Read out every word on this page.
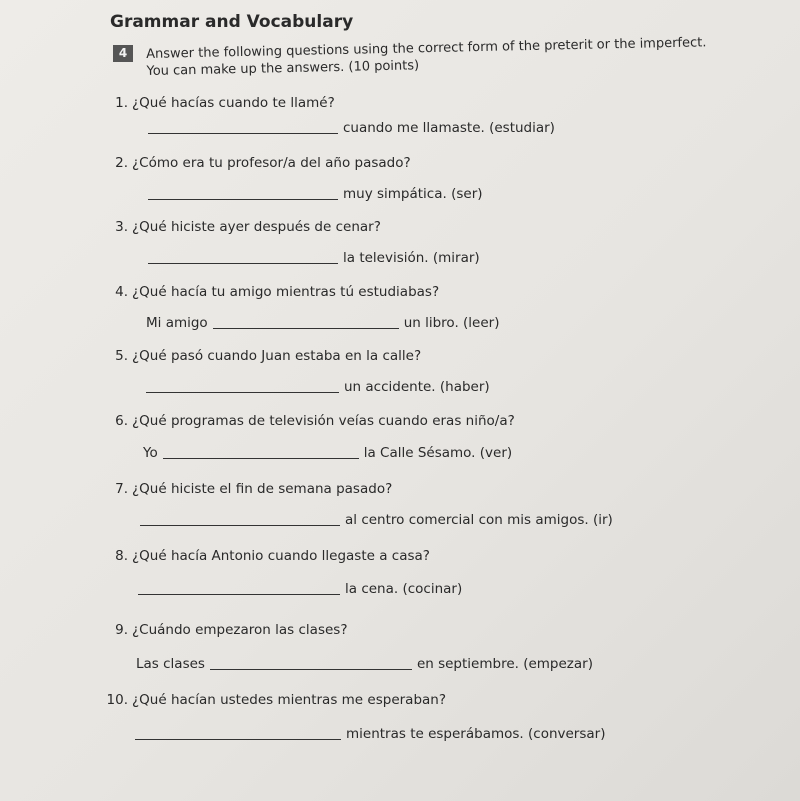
Grammar and Vocabulary
4	Answer the following questions using the correct form of the preterit or the imperfect.
You can make up the answers. (10 points)
1. ¿Qué hacías cuando te llamé?
cuando me llamaste. (estudiar)
2. ¿Cómo era tu profesor/a del año pasado?
muy simpática. (ser)
3. ¿Qué hiciste ayer después de cenar?
la televisión. (mirar)
4. ¿Qué hacía tu amigo mientras tú estudiabas?
Mi amigo	un libro. (leer)
5. ¿Qué pasó cuando Juan estaba en la calle?
un accidente. (haber)
6. ¿Qué programas de televisión veías cuando eras niño/a?
Yo	la Calle Sésamo. (ver)
7. ¿Qué hiciste el fin de semana pasado?
al centro comercial con mis amigos. (ir)
8. ¿Qué hacía Antonio cuando llegaste a casa?
la cena. (cocinar)
9. ¿Cuándo empezaron las clases?
Las clases	en septiembre. (empezar)
10. ¿Qué hacían ustedes mientras me esperaban?
mientras te esperábamos. (conversar)
